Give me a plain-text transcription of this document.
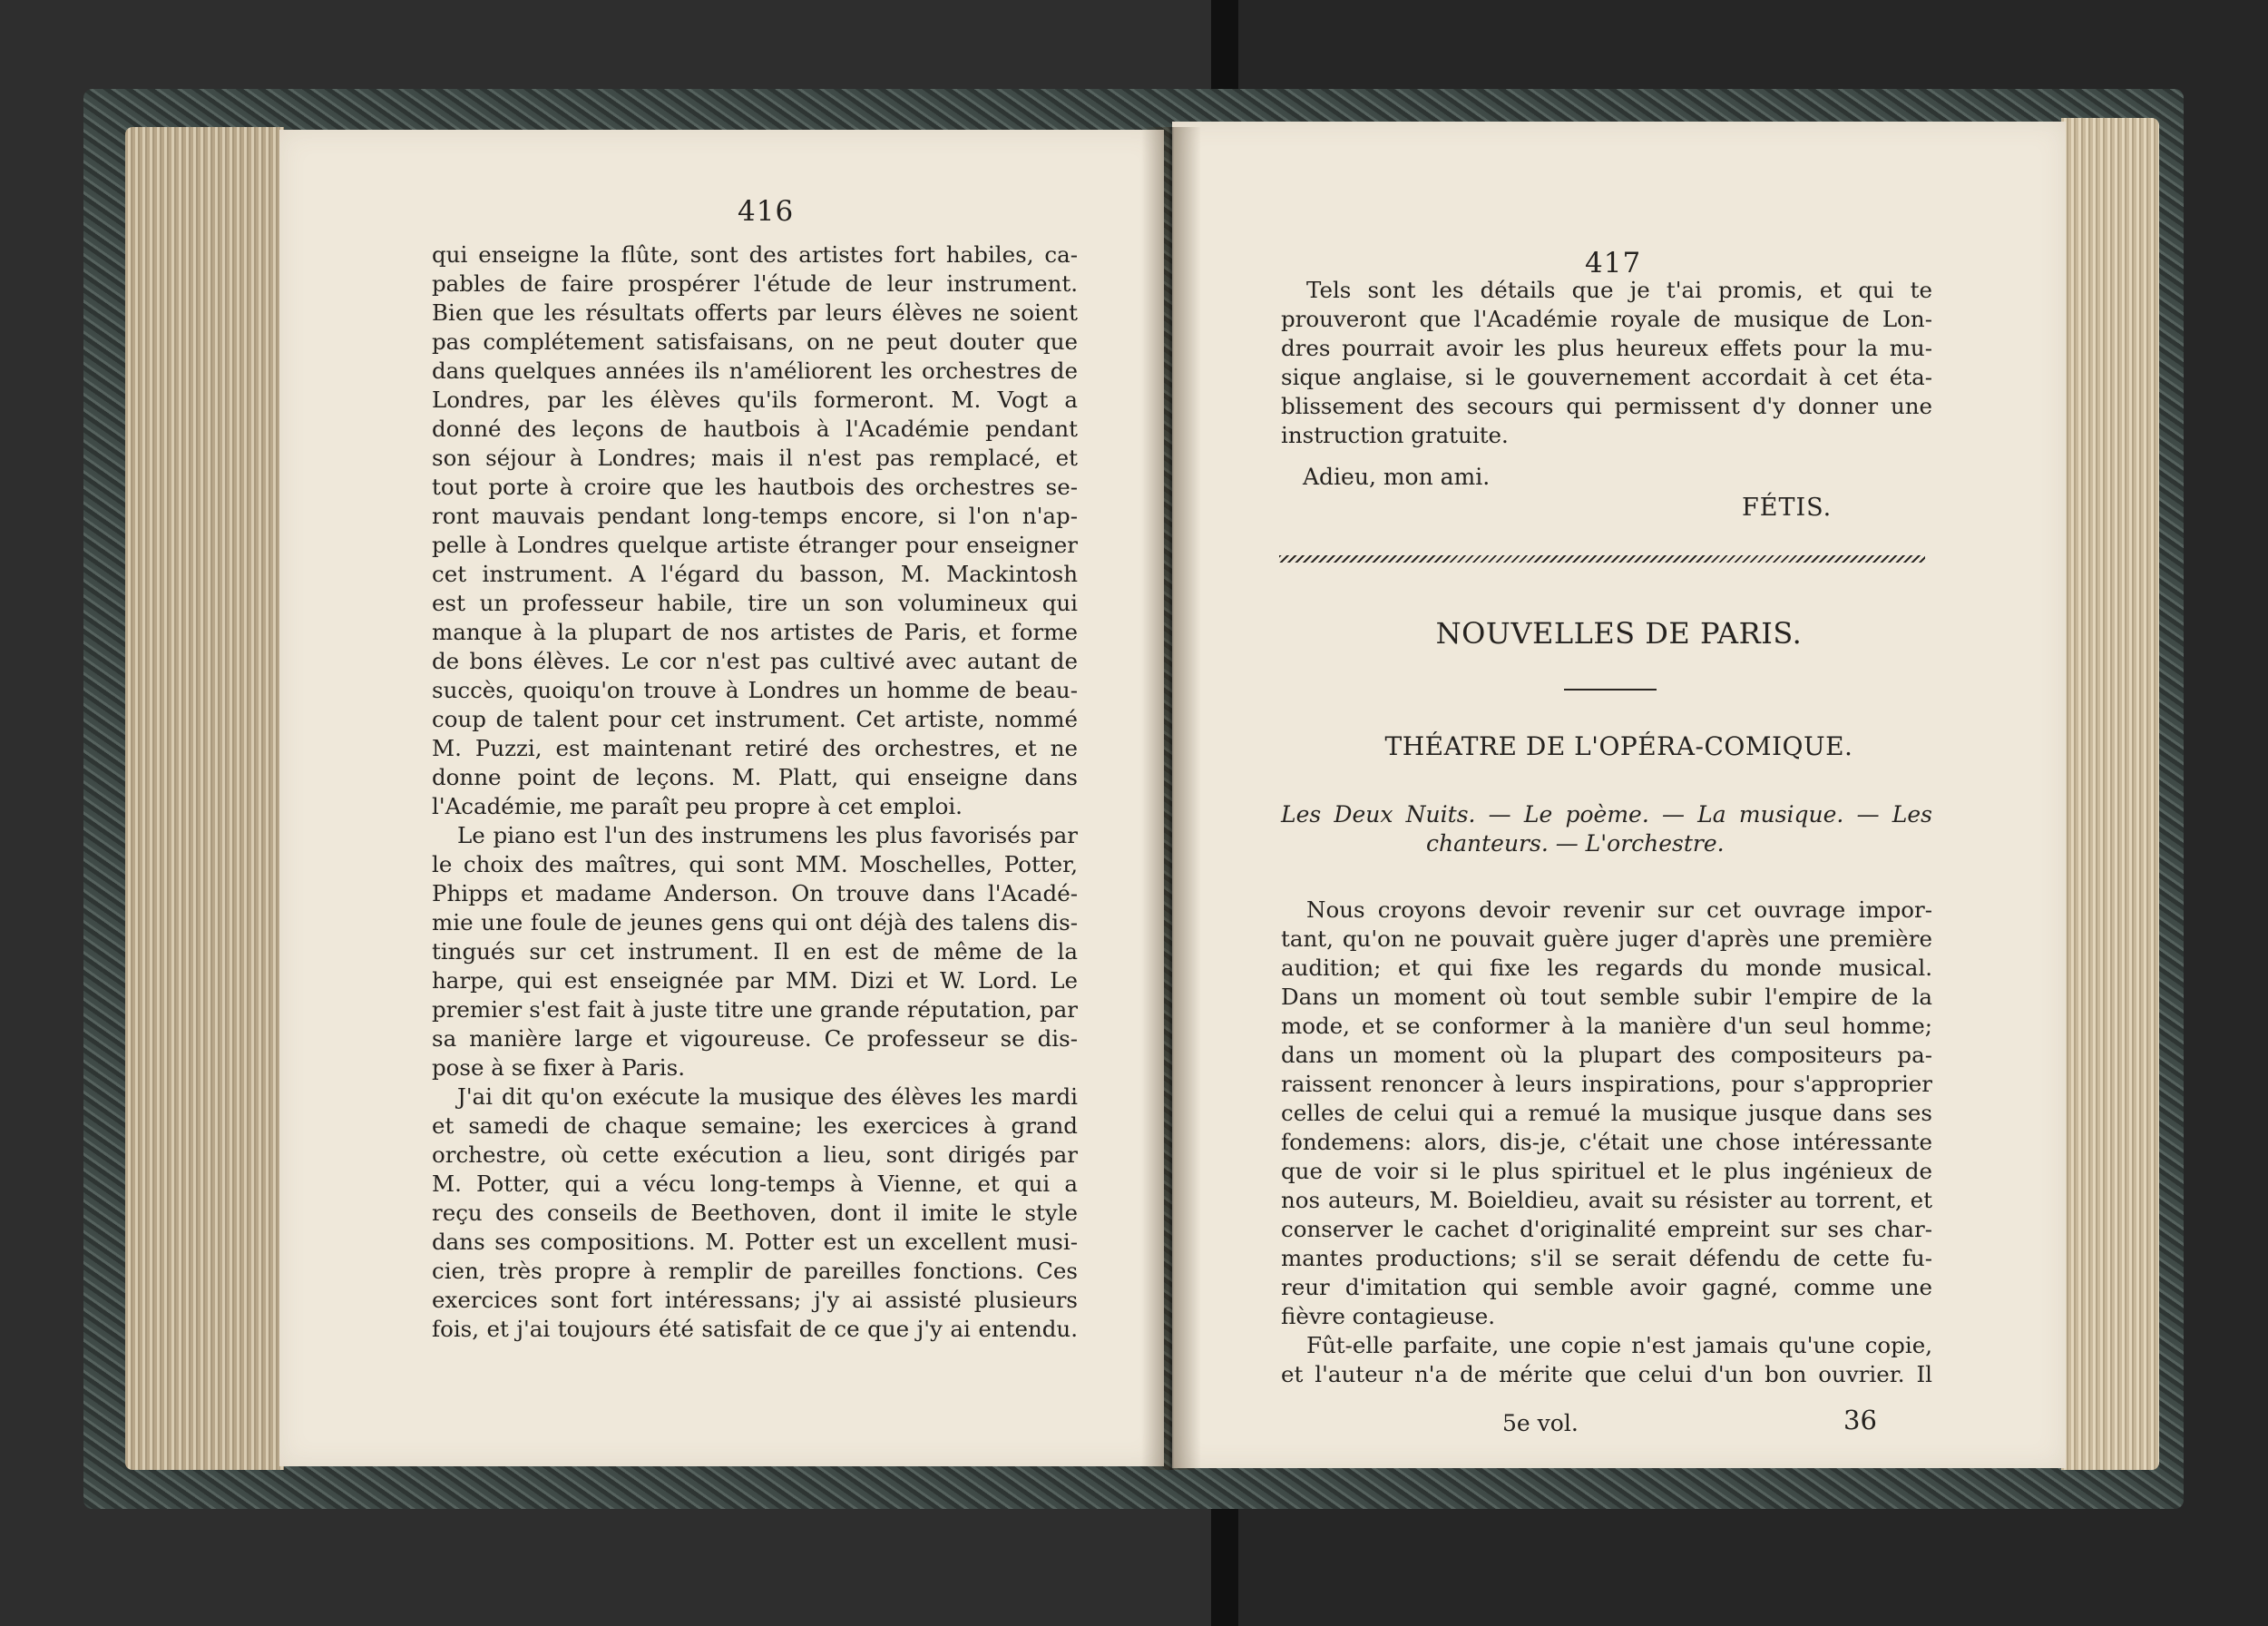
416

qui enseigne la flûte, sont des artistes fort habiles, ca-
pables de faire prospérer l'étude de leur instrument.
Bien que les résultats offerts par leurs élèves ne soient
pas complétement satisfaisans, on ne peut douter que
dans quelques années ils n'améliorent les orchestres de
Londres, par les élèves qu'ils formeront. M. Vogt a
donné des leçons de hautbois à l'Académie pendant
son séjour à Londres; mais il n'est pas remplacé, et
tout porte à croire que les hautbois des orchestres se-
ront mauvais pendant long-temps encore, si l'on n'ap-
pelle à Londres quelque artiste étranger pour enseigner
cet instrument. A l'égard du basson, M. Mackintosh
est un professeur habile, tire un son volumineux qui
manque à la plupart de nos artistes de Paris, et forme
de bons élèves. Le cor n'est pas cultivé avec autant de
succès, quoiqu'on trouve à Londres un homme de beau-
coup de talent pour cet instrument. Cet artiste, nommé
M. Puzzi, est maintenant retiré des orchestres, et ne
donne point de leçons. M. Platt, qui enseigne dans
l'Académie, me paraît peu propre à cet emploi.
Le piano est l'un des instrumens les plus favorisés par
le choix des maîtres, qui sont MM. Moschelles, Potter,
Phipps et madame Anderson. On trouve dans l'Acadé-
mie une foule de jeunes gens qui ont déjà des talens dis-
tingués sur cet instrument. Il en est de même de la
harpe, qui est enseignée par MM. Dizi et W. Lord. Le
premier s'est fait à juste titre une grande réputation, par
sa manière large et vigoureuse. Ce professeur se dis-
pose à se fixer à Paris.
J'ai dit qu'on exécute la musique des élèves les mardi
et samedi de chaque semaine; les exercices à grand
orchestre, où cette exécution a lieu, sont dirigés par
M. Potter, qui a vécu long-temps à Vienne, et qui a
reçu des conseils de Beethoven, dont il imite le style
dans ses compositions. M. Potter est un excellent musi-
cien, très propre à remplir de pareilles fonctions. Ces
exercices sont fort intéressans; j'y ai assisté plusieurs
fois, et j'ai toujours été satisfait de ce que j'y ai entendu.

417

Tels sont les détails que je t'ai promis, et qui te
prouveront que l'Académie royale de musique de Lon-
dres pourrait avoir les plus heureux effets pour la mu-
sique anglaise, si le gouvernement accordait à cet éta-
blissement des secours qui permissent d'y donner une
instruction gratuite.

Adieu, mon ami.

FÉTIS.

NOUVELLES DE PARIS.
THÉATRE DE L'OPÉRA-COMIQUE.

Les Deux Nuits. — Le poème. — La musique. — Les
chanteurs. — L'orchestre.

Nous croyons devoir revenir sur cet ouvrage impor-
tant, qu'on ne pouvait guère juger d'après une première
audition; et qui fixe les regards du monde musical.
Dans un moment où tout semble subir l'empire de la
mode, et se conformer à la manière d'un seul homme;
dans un moment où la plupart des compositeurs pa-
raissent renoncer à leurs inspirations, pour s'approprier
celles de celui qui a remué la musique jusque dans ses
fondemens: alors, dis-je, c'était une chose intéressante
que de voir si le plus spirituel et le plus ingénieux de
nos auteurs, M. Boieldieu, avait su résister au torrent, et
conserver le cachet d'originalité empreint sur ses char-
mantes productions; s'il se serait défendu de cette fu-
reur d'imitation qui semble avoir gagné, comme une
fièvre contagieuse.
Fût-elle parfaite, une copie n'est jamais qu'une copie,
et l'auteur n'a de mérite que celui d'un bon ouvrier. Il

5e vol.	36
